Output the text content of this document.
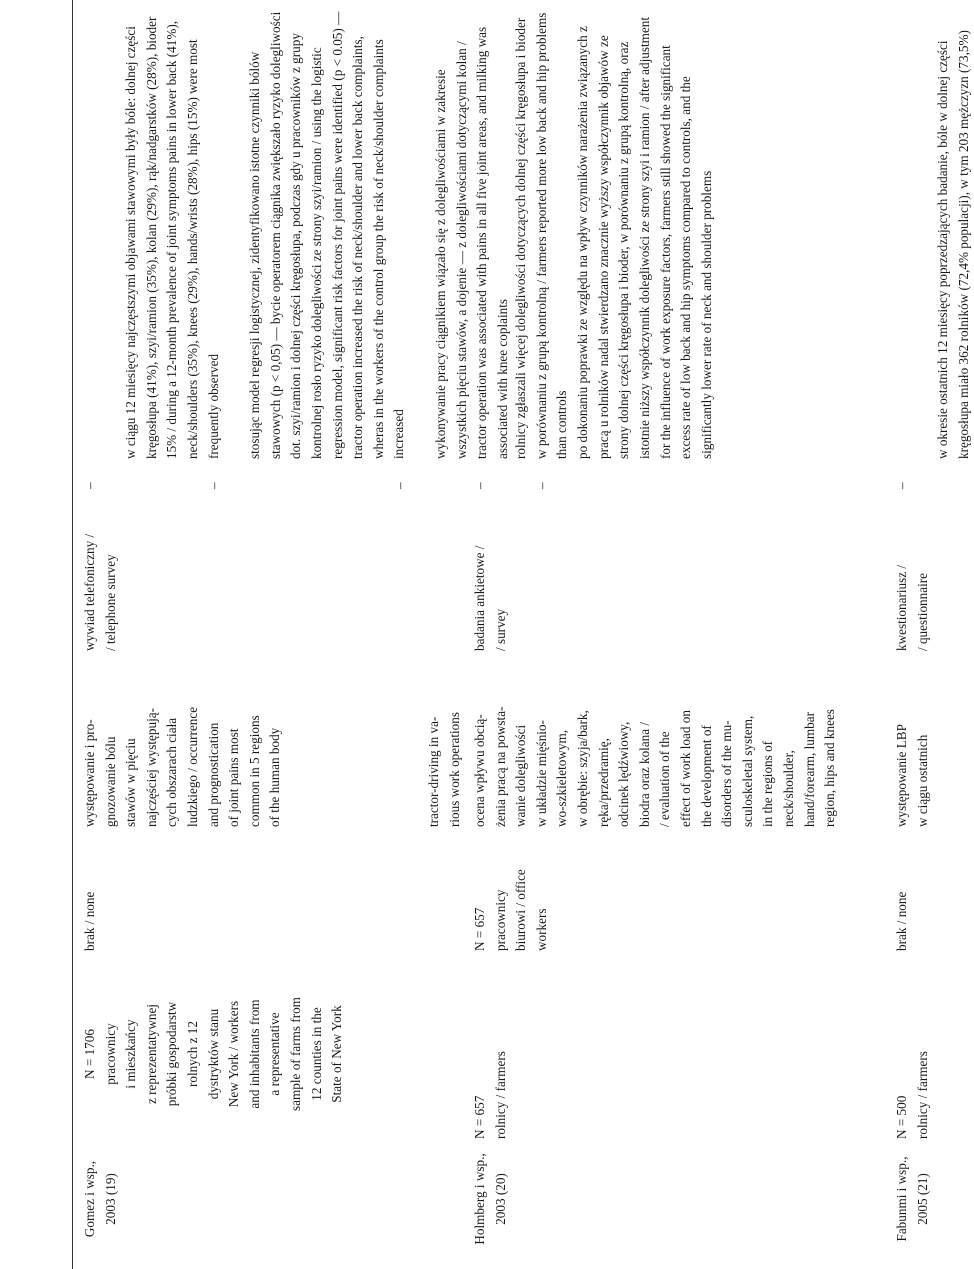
tractor-driving in va-
rious work operations
Gomez i wsp.,
2003 (19)
N = 1706
pracownicy
i mieszkańcy
z reprezentatywnej
próbki gospodarstw
rolnych z 12
dystryktów stanu
New York / workers
and inhabitants from
a representative
sample of farms from
12 counties in the
State of New York
brak / none
występowanie i pro-
gnozowanie bólu
stawów w pięciu
najczęściej występują-
cych obszarach ciała
ludzkiego / occurrence
and prognostication
of joint pains most
common in 5 regions
of the human body
wywiad telefoniczny /
/ telephone survey

–

w ciągu 12 miesięcy najczęstszymi objawami stawowymi były bóle: dolnej części kręgosłupa (41%), szyi/ramion (35%), kolan (29%), rąk/nadgarstków (28%), bioder 15% / during a 12-month prevalence of joint symptoms pains in lower back (41%), neck/shoulders (35%), knees (29%), hands/wrists (28%), hips (15%) were most frequently observed

–

stosując model regresji logistycznej, zidentyfikowano istotne czynniki bólów stawowych (p < 0,05) — bycie operatorem ciągnika zwiększało ryzyko dolegliwości dot. szyi/ramion i dolnej części kręgosłupa, podczas gdy u pracowników z grupy kontrolnej rosło ryzyko dolegliwości ze strony szyi/ramion / using the logistic regression model, significant risk factors for joint pains were identified (p < 0.05) — tractor operation increased the risk of neck/shoulder and lower back complaints, wheras in the workers of the control group the risk of neck/shoulder complaints increased

–

wykonywanie pracy ciągnikiem wiązało się z dolegliwościami w zakresie wszystkich pięciu stawów, a dojenie — z dolegliwościami dotyczącymi kolan / tractor operation was associated with pains in all five joint areas, and milking was associated with knee coplaints

Holmberg i wsp.,
2003 (20)
N = 657
rolnicy / farmers
N = 657
pracownicy
biurowi / office
workers
ocena wpływu obcią-
żenia pracą na powsta-
wanie dolegliwości
w układzie mięśnio-
wo-szkieletowym,
w obrębie: szyja/bark,
ręka/przedramię,
odcinek lędźwiowy,
biodra oraz kolana /
/ evaluation of the
effect of work load on
the development of
disorders of the mu-
sculoskeletal system,
in the regions of
neck/shoulder,
hand/forearm, lumbar
region, hips and knees
badania ankietowe /
/ survey

–

rolnicy zgłaszali więcej dolegliwości dotyczących dolnej części kręgosłupa i bioder w porównaniu z grupą kontrolną / farmers reported more low back and hip problems than controls

–

po dokonaniu poprawki ze względu na wpływ czynników narażenia związanych z pracą u rolników nadal stwierdzano znacznie wyższy współczynnik objawów ze strony dolnej części kręgosłupa i bioder, w porównaniu z grupą kontrolną, oraz istotnie niższy współczynnik dolegliwości ze strony szyi i ramion / after adjustment for the influence of work exposure factors, farmers still showed the significant excess rate of low back and hip symptoms compared to controls, and the significantly lower rate of neck and shoulder problems

Fabunmi i wsp.,
2005 (21)
N = 500
rolnicy / farmers
brak / none
występowanie LBP
w ciągu ostatnich
kwestionariusz /
/ questionnaire

–

w okresie ostatnich 12 miesięcy poprzedzających badanie, bóle w dolnej części kręgosłupa miało 362 rolników (72,4% populacji), w tym 203 mężczyzn (73,5%)
